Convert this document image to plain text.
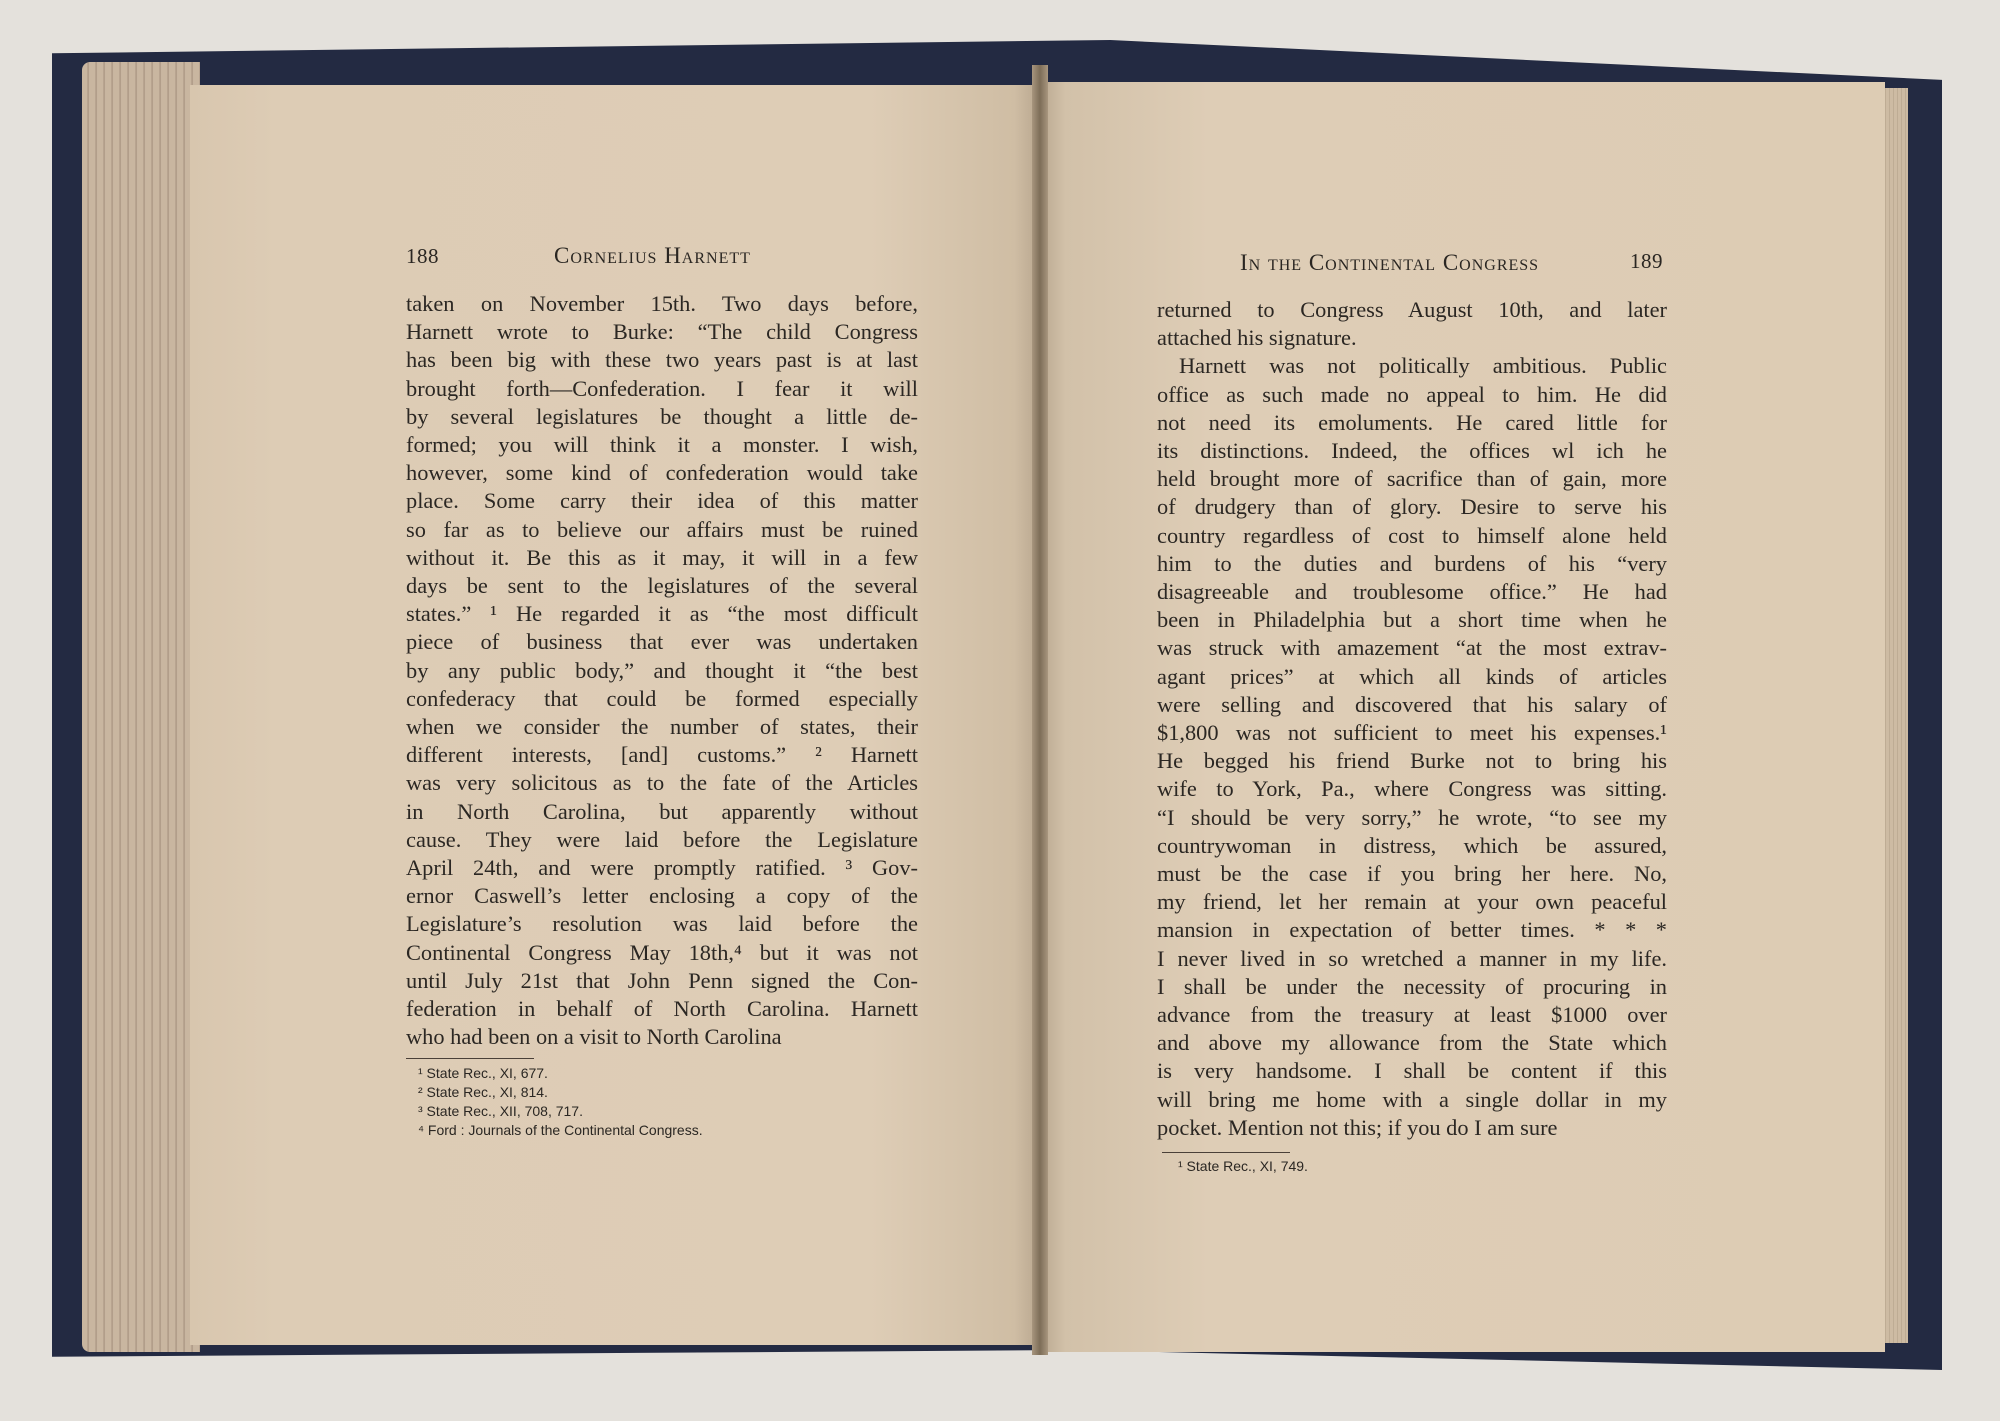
188	Cornelius Harnett
taken on November 15th. Two days before,
Harnett wrote to Burke: “The child Congress
has been big with these two years past is at last
brought forth—Confederation. I fear it will
by several legislatures be thought a little de-
formed; you will think it a monster. I wish,
however, some kind of confederation would take
place. Some carry their idea of this matter
so far as to believe our affairs must be ruined
without it. Be this as it may, it will in a few
days be sent to the legislatures of the several
states.” ¹ He regarded it as “the most difficult
piece of business that ever was undertaken
by any public body,” and thought it “the best
confederacy that could be formed especially
when we consider the number of states, their
different interests, [and] customs.” ² Harnett
was very solicitous as to the fate of the Articles
in North Carolina, but apparently without
cause. They were laid before the Legislature
April 24th, and were promptly ratified. ³ Gov-
ernor Caswell’s letter enclosing a copy of the
Legislature’s resolution was laid before the
Continental Congress May 18th,⁴ but it was not
until July 21st that John Penn signed the Con-
federation in behalf of North Carolina. Harnett
who had been on a visit to North Carolina
¹ State Rec., XI, 677.
² State Rec., XI, 814.
³ State Rec., XII, 708, 717.
⁴ Ford : Journals of the Continental Congress.
In the Continental Congress	189
returned to Congress August 10th, and later
attached his signature.
Harnett was not politically ambitious. Public
office as such made no appeal to him. He did
not need its emoluments. He cared little for
its distinctions. Indeed, the offices wl ich he
held brought more of sacrifice than of gain, more
of drudgery than of glory. Desire to serve his
country regardless of cost to himself alone held
him to the duties and burdens of his “very
disagreeable and troublesome office.” He had
been in Philadelphia but a short time when he
was struck with amazement “at the most extrav-
agant prices” at which all kinds of articles
were selling and discovered that his salary of
$1,800 was not sufficient to meet his expenses.¹
He begged his friend Burke not to bring his
wife to York, Pa., where Congress was sitting.
“I should be very sorry,” he wrote, “to see my
countrywoman in distress, which be assured,
must be the case if you bring her here. No,
my friend, let her remain at your own peaceful
mansion in expectation of better times. * * *
I never lived in so wretched a manner in my life.
I shall be under the necessity of procuring in
advance from the treasury at least $1000 over
and above my allowance from the State which
is very handsome. I shall be content if this
will bring me home with a single dollar in my
pocket. Mention not this; if you do I am sure
¹ State Rec., XI, 749.
